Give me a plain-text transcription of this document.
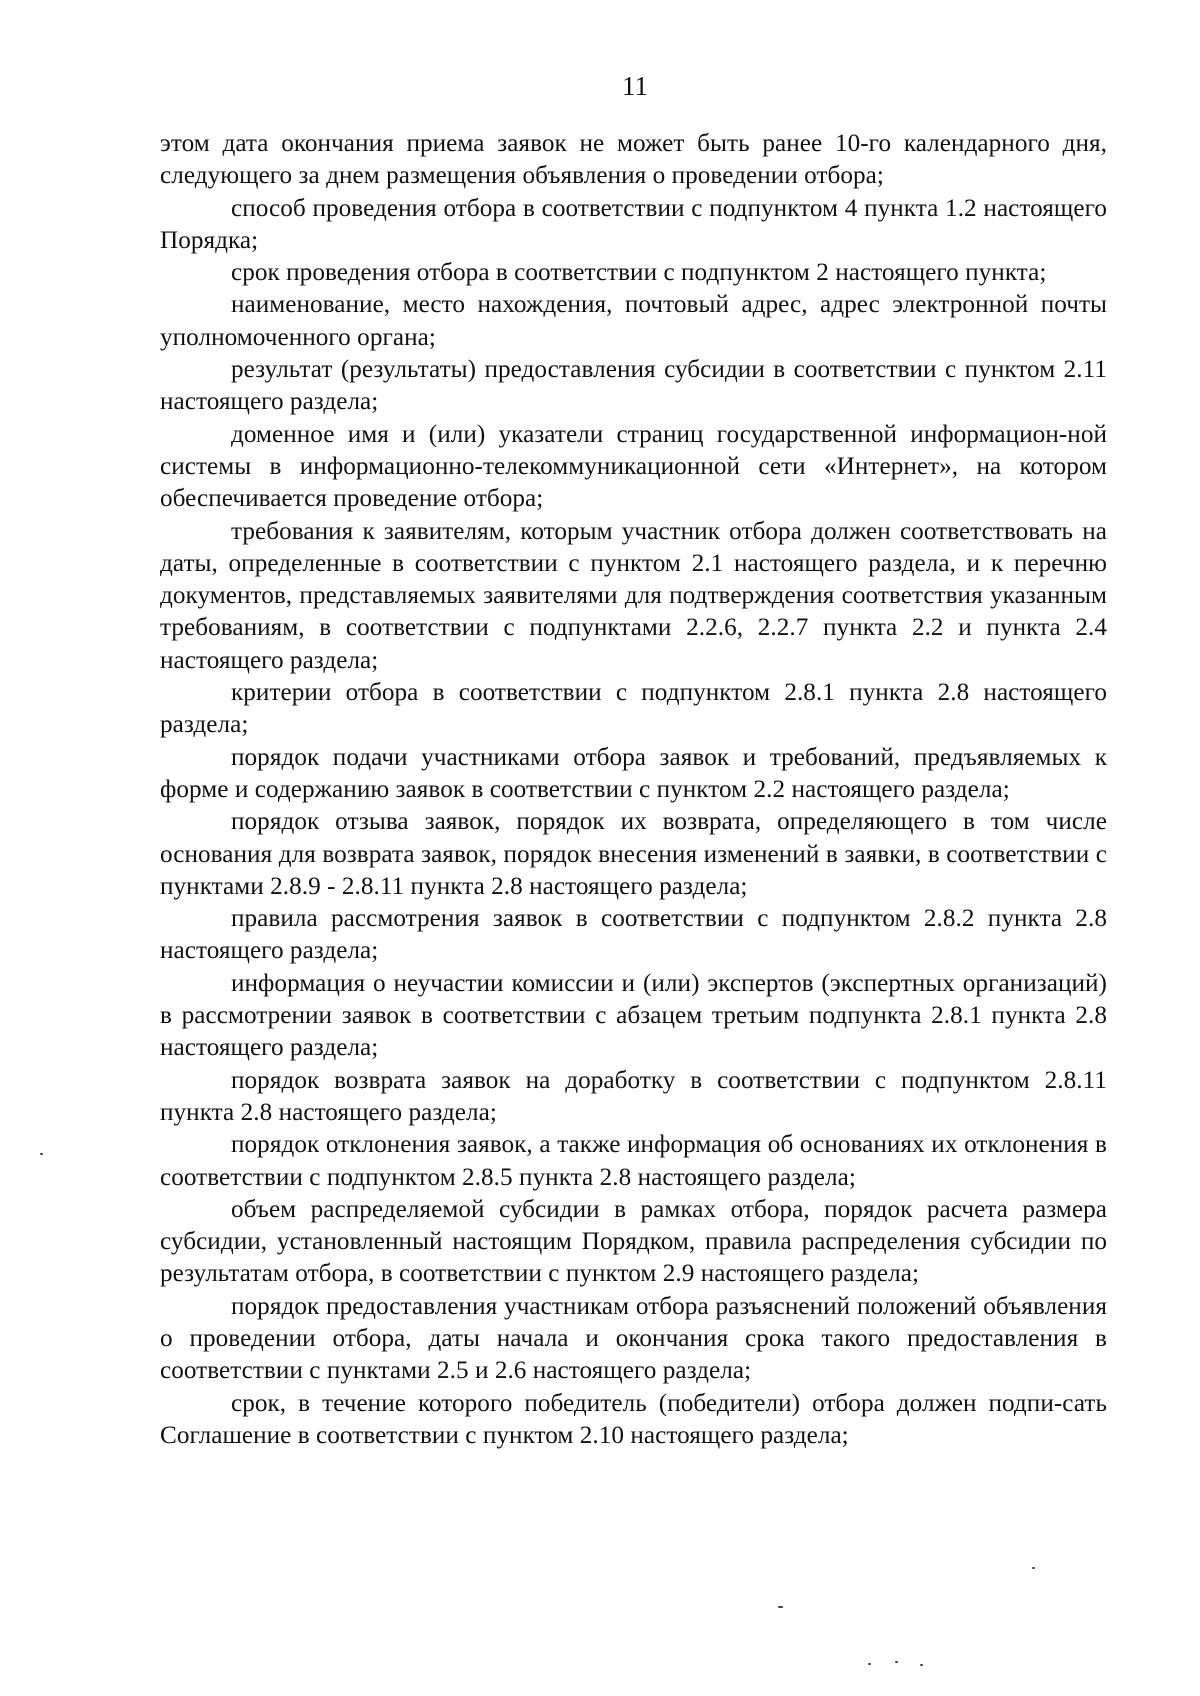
11

этом дата окончания приема заявок не может быть ранее 10-го календарного дня, следующего за днем размещения объявления о проведении отбора;

способ проведения отбора в соответствии с подпунктом 4 пункта 1.2 настоящего Порядка;

срок проведения отбора в соответствии с подпунктом 2 настоящего пункта;

наименование, место нахождения, почтовый адрес, адрес электронной почты уполномоченного органа;

результат (результаты) предоставления субсидии в соответствии с пунктом 2.11 настоящего раздела;

доменное имя и (или) указатели страниц государственной информацион-ной системы в информационно-телекоммуникационной сети «Интернет», на котором обеспечивается проведение отбора;

требования к заявителям, которым участник отбора должен соответствовать на даты, определенные в соответствии с пунктом 2.1 настоящего раздела, и к перечню документов, представляемых заявителями для подтверждения соответствия указанным требованиям, в соответствии с подпунктами 2.2.6, 2.2.7 пункта 2.2 и пункта 2.4 настоящего раздела;

критерии отбора в соответствии с подпунктом 2.8.1 пункта 2.8 настоящего раздела;

порядок подачи участниками отбора заявок и требований, предъявляемых к форме и содержанию заявок в соответствии с пунктом 2.2 настоящего раздела;

порядок отзыва заявок, порядок их возврата, определяющего в том числе основания для возврата заявок, порядок внесения изменений в заявки, в соответствии с пунктами 2.8.9 - 2.8.11 пункта 2.8 настоящего раздела;

правила рассмотрения заявок в соответствии с подпунктом 2.8.2 пункта 2.8 настоящего раздела;

информация о неучастии комиссии и (или) экспертов (экспертных организаций) в рассмотрении заявок в соответствии с абзацем третьим подпункта 2.8.1 пункта 2.8 настоящего раздела;

порядок возврата заявок на доработку в соответствии с подпунктом 2.8.11 пункта 2.8 настоящего раздела;

порядок отклонения заявок, а также информация об основаниях их отклонения в соответствии с подпунктом 2.8.5 пункта 2.8 настоящего раздела;

объем распределяемой субсидии в рамках отбора, порядок расчета размера субсидии, установленный настоящим Порядком, правила распределения субсидии по результатам отбора, в соответствии с пунктом 2.9 настоящего раздела;

порядок предоставления участникам отбора разъяснений положений объявления о проведении отбора, даты начала и окончания срока такого предоставления в соответствии с пунктами 2.5 и 2.6 настоящего раздела;

срок, в течение которого победитель (победители) отбора должен подпи-сать Соглашение в соответствии с пунктом 2.10 настоящего раздела;
